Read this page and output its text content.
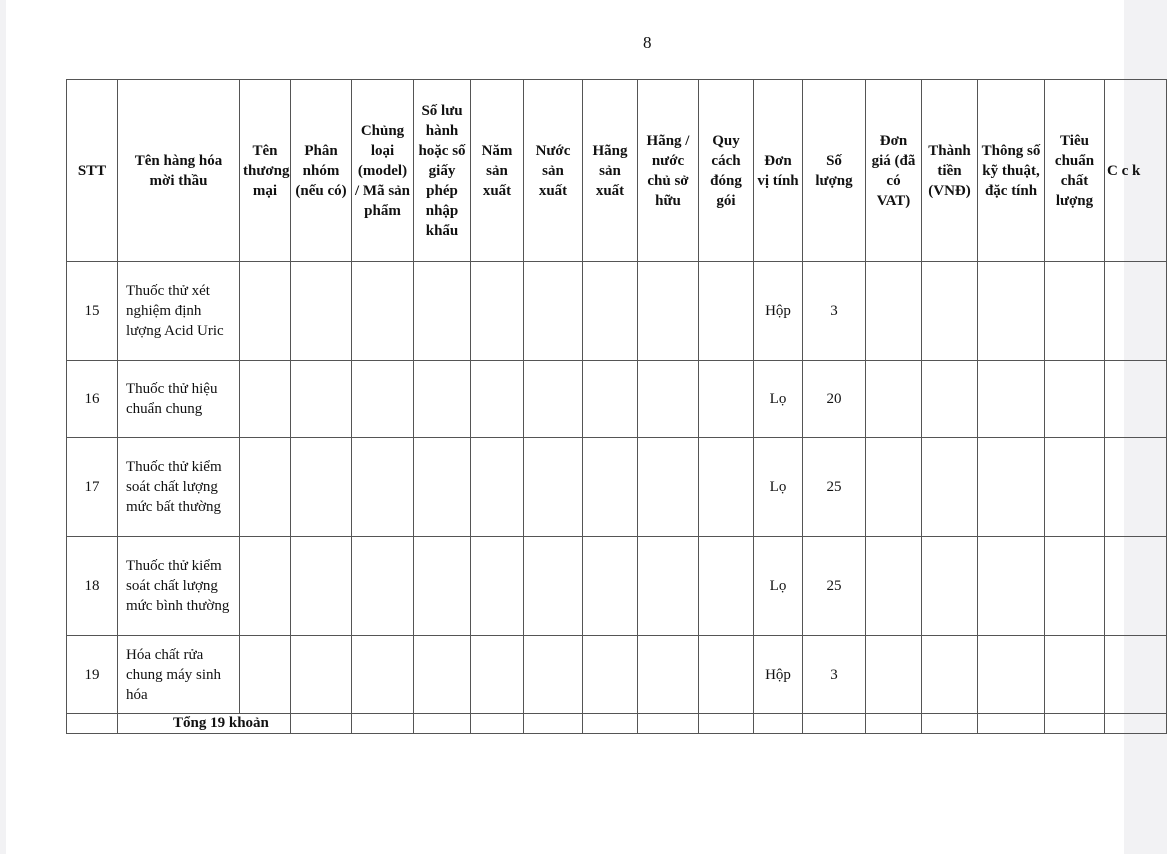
8
STT	Tên hàng hóa mời thầu	Tên thương mại	Phân nhóm (nếu có)	Chủng loại (model) / Mã sản phẩm	Số lưu hành hoặc số giấy phép nhập khẩu	Năm sản xuất	Nước sản xuất	Hãng sản xuất	Hãng / nước chủ sở hữu	Quy cách đóng gói	Đơn vị tính	Số lượng	Đơn giá (đã có VAT)	Thành tiền (VNĐ)	Thông số kỹ thuật, đặc tính	Tiêu chuẩn chất lượng	C c k
15	Thuốc thử xét nghiệm định lượng Acid Uric										Hộp	3					
16	Thuốc thử hiệu chuẩn chung										Lọ	20					
17	Thuốc thử kiểm soát chất lượng mức bất thường										Lọ	25					
18	Thuốc thử kiểm soát chất lượng mức bình thường										Lọ	25					
19	Hóa chất rửa chung máy sinh hóa										Hộp	3					
	Tổng 19 khoản																
